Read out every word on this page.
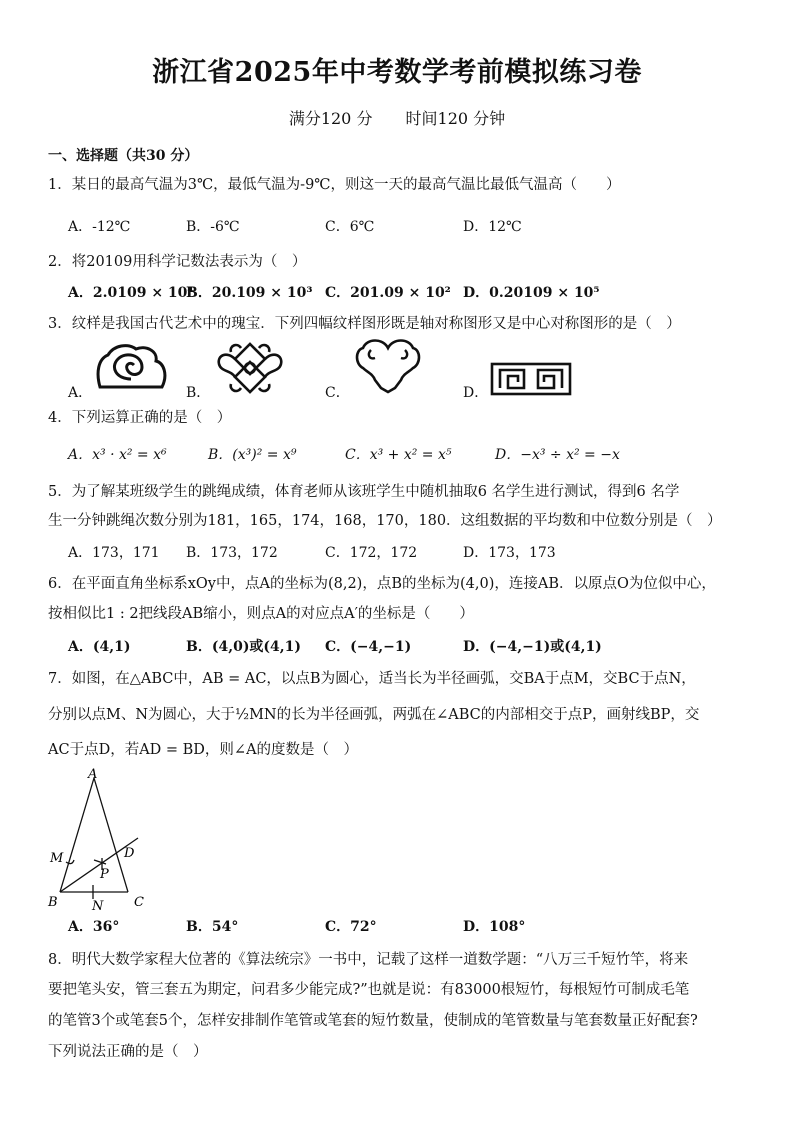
浙江省2025年中考数学考前模拟练习卷
满分120 分 时间120 分钟
一、选择题（共30 分）
1．某日的最高气温为3℃，最低气温为-9℃，则这一天的最高气温比最低气温高（　　）
A．-12℃	B．-6℃	C．6℃	D．12℃
2．将20109用科学记数法表示为（　）
A．2.0109 × 10⁴
B．20.109 × 10³ C．201.09 × 10² D．0.20109 × 10⁵
3．纹样是我国古代艺术中的瑰宝．下列四幅纹样图形既是轴对称图形又是中心对称图形的是（　）
A．	B．	C．	D．
4．下列运算正确的是（　）
A．x³ · x² = x⁶	B．(x³)² = x⁹	C．x³ + x² = x⁵	D．−x³ ÷ x² = −x
5．为了解某班级学生的跳绳成绩，体育老师从该班学生中随机抽取6 名学生进行测试，得到6 名学
生一分钟跳绳次数分别为181，165，174，168，170，180．这组数据的平均数和中位数分别是（　）
A．173，171 B．173，172	C．172，172	D．173，173
6．在平面直角坐标系xOy中，点A的坐标为(8,2)，点B的坐标为(4,0)，连接AB．以原点O为位似中心，
按相似比1 : 2把线段AB缩小，则点A的对应点A′的坐标是（　　）
A．(4,1)	B．(4,0)或(4,1) C．(−4,−1)	D．(−4,−1)或(4,1)
7．如图，在△ABC中，AB = AC，以点B为圆心，适当长为半径画弧，交BA于点M，交BC于点N，
分别以点M、N为圆心，大于½MN的长为半径画弧，两弧在∠ABC的内部相交于点P，画射线BP，交
AC于点D，若AD = BD，则∠A的度数是（　）
A
M	D
P
B	N C
A．36°	B．54°	C．72°	D．108°
8．明代大数学家程大位著的《算法统宗》一书中，记载了这样一道数学题：“八万三千短竹竿，将来
要把笔头安，管三套五为期定，问君多少能完成?”也就是说：有83000根短竹，每根短竹可制成毛笔
的笔管3个或笔套5个，怎样安排制作笔管或笔套的短竹数量，使制成的笔管数量与笔套数量正好配套?
下列说法正确的是（　）
